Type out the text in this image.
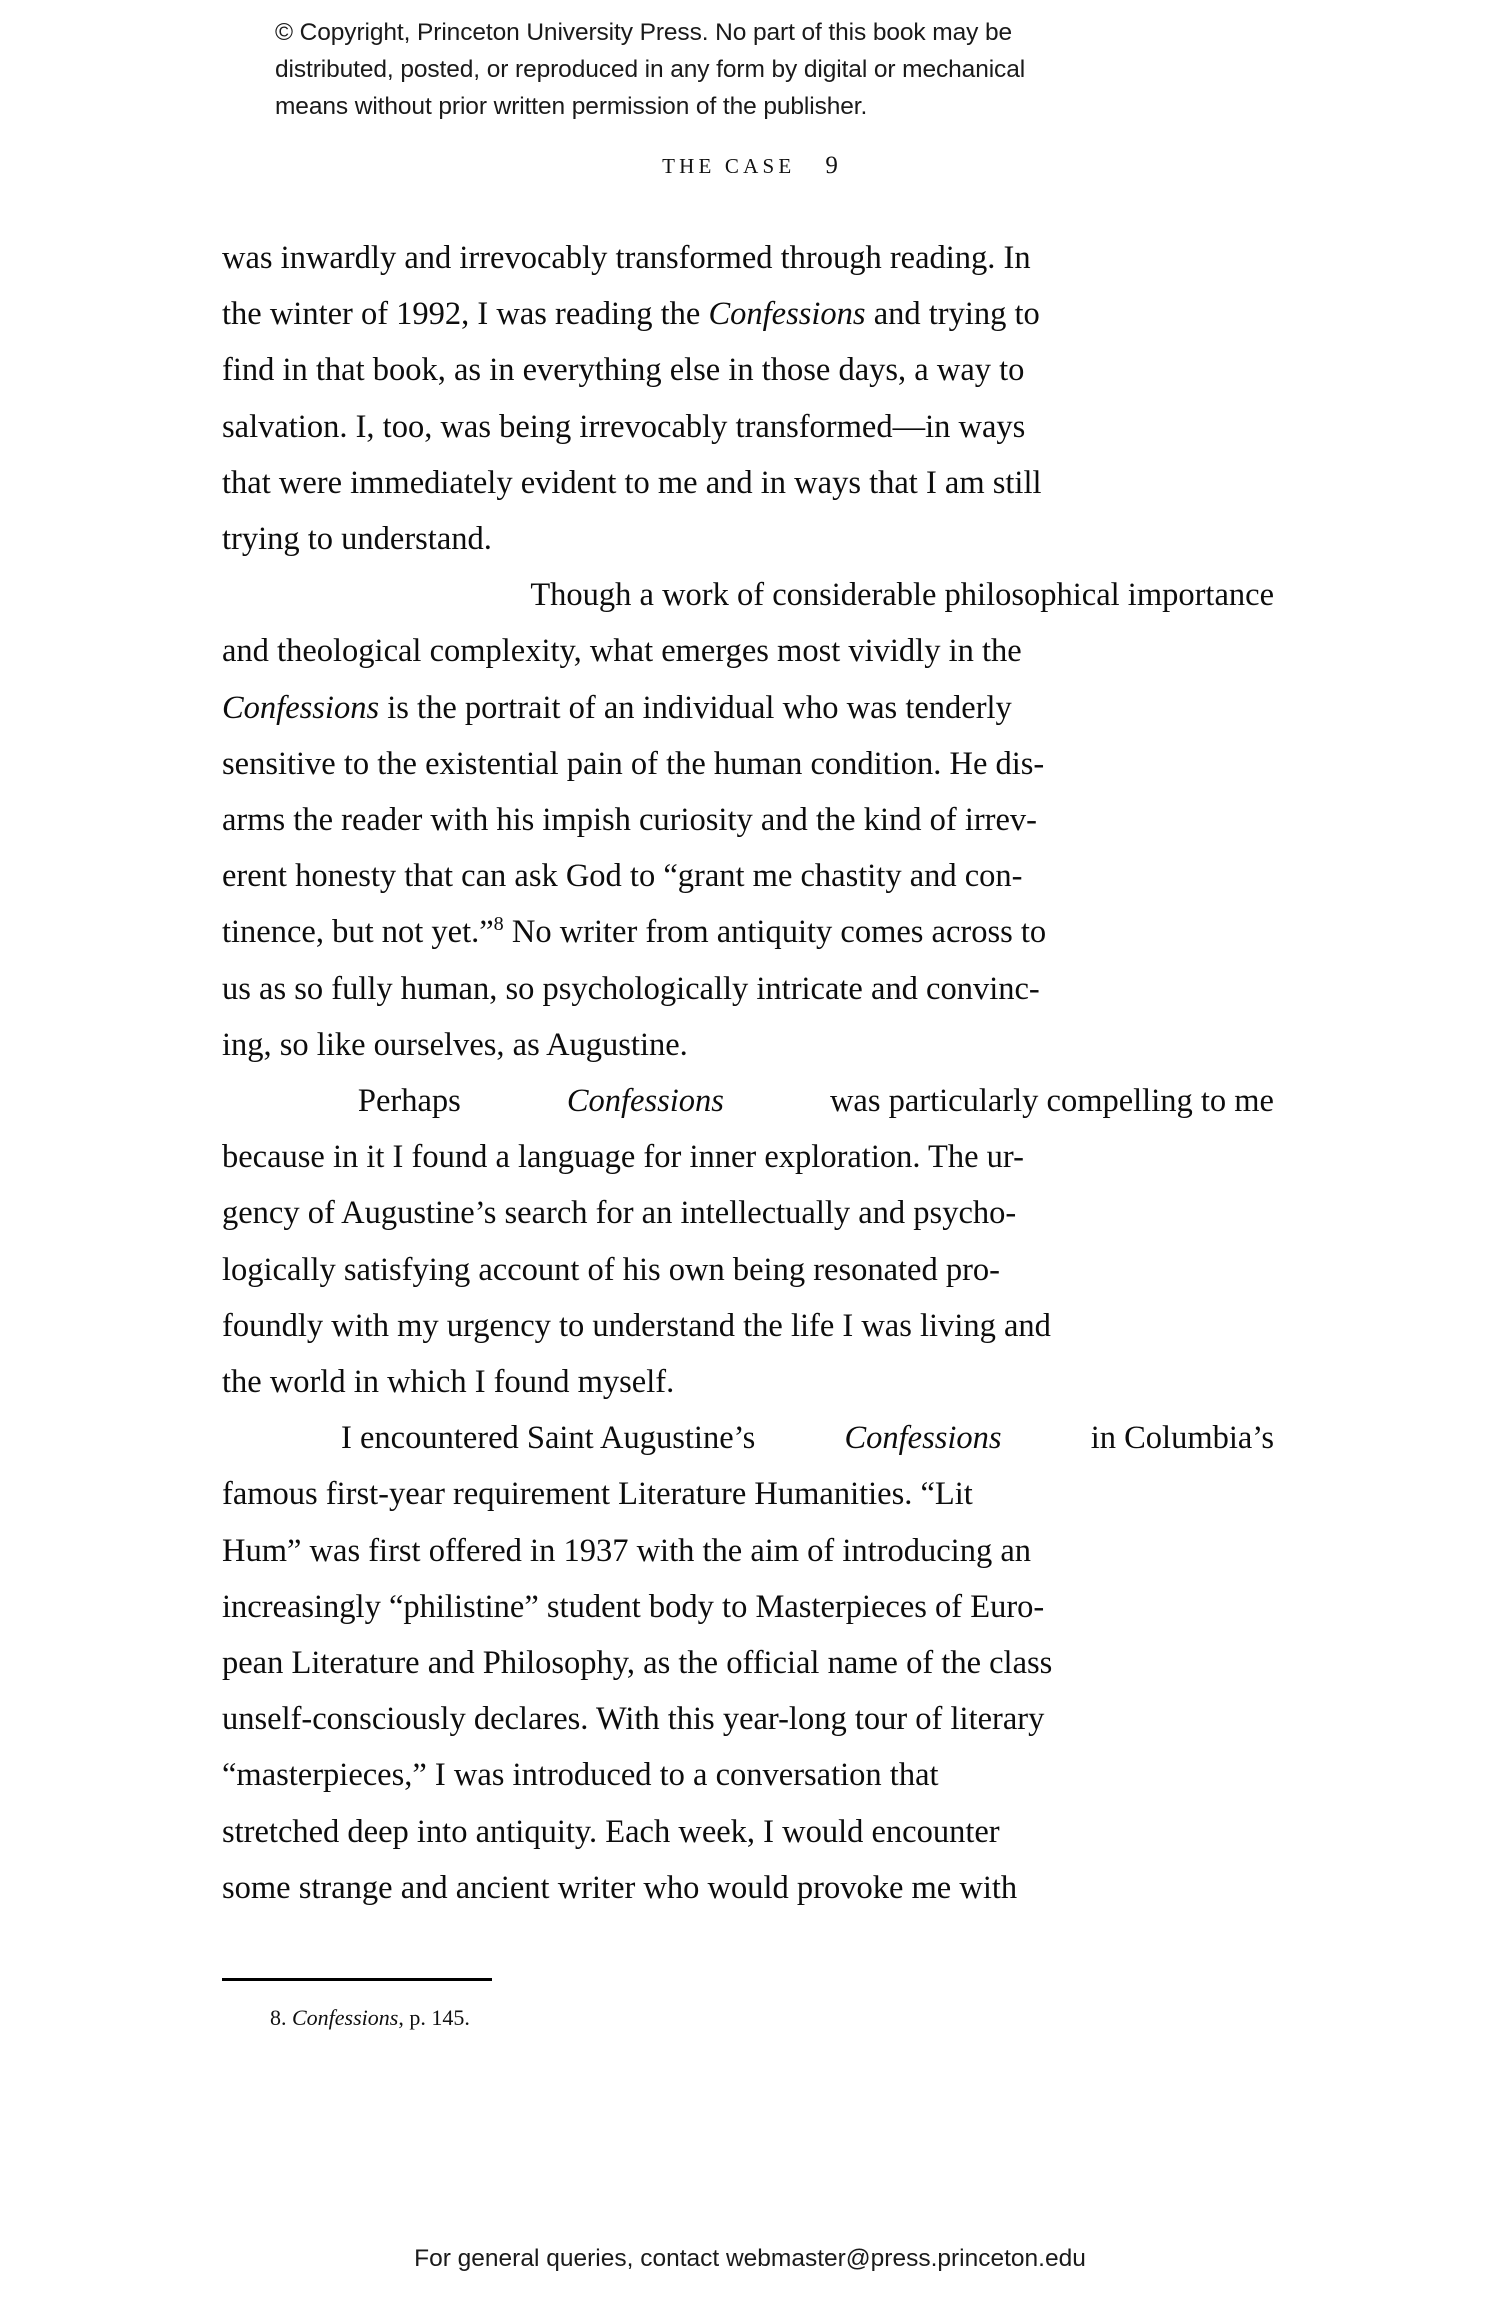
© Copyright, Princeton University Press. No part of this book may be
distributed, posted, or reproduced in any form by digital or mechanical
means without prior written permission of the publisher.
THE CASE 9

was inwardly and irrevocably transformed through reading. In
the winter of 1992, I was reading the Confessions and trying to
find in that book, as in everything else in those days, a way to
salvation. I, too, was being irrevocably transformed—in ways
that were immediately evident to me and in ways that I am still
trying to understand.

Though a work of considerable philosophical importance
and theological complexity, what emerges most vividly in the
Confessions is the portrait of an individual who was tenderly
sensitive to the existential pain of the human condition. He dis-
arms the reader with his impish curiosity and the kind of irrev-
erent honesty that can ask God to “grant me chastity and con-
tinence, but not yet.”$^8$ No writer from antiquity comes across to
us as so fully human, so psychologically intricate and convinc-
ing, so like ourselves, as Augustine.

Perhaps	Confessions	was particularly compelling to me
because in it I found a language for inner exploration. The ur-
gency of Augustine’s search for an intellectually and psycho-
logically satisfying account of his own being resonated pro-
foundly with my urgency to understand the life I was living and
the world in which I found myself.

I encountered Saint Augustine’s Confessions in Columbia’s
famous first-year requirement Literature Humanities. “Lit
Hum” was first offered in 1937 with the aim of introducing an
increasingly “philistine” student body to Masterpieces of Euro-
pean Literature and Philosophy, as the official name of the class
unself-consciously declares. With this year-long tour of literary
“masterpieces,” I was introduced to a conversation that
stretched deep into antiquity. Each week, I would encounter
some strange and ancient writer who would provoke me with

8. Confessions, p. 145.
For general queries, contact webmaster@press.princeton.edu
